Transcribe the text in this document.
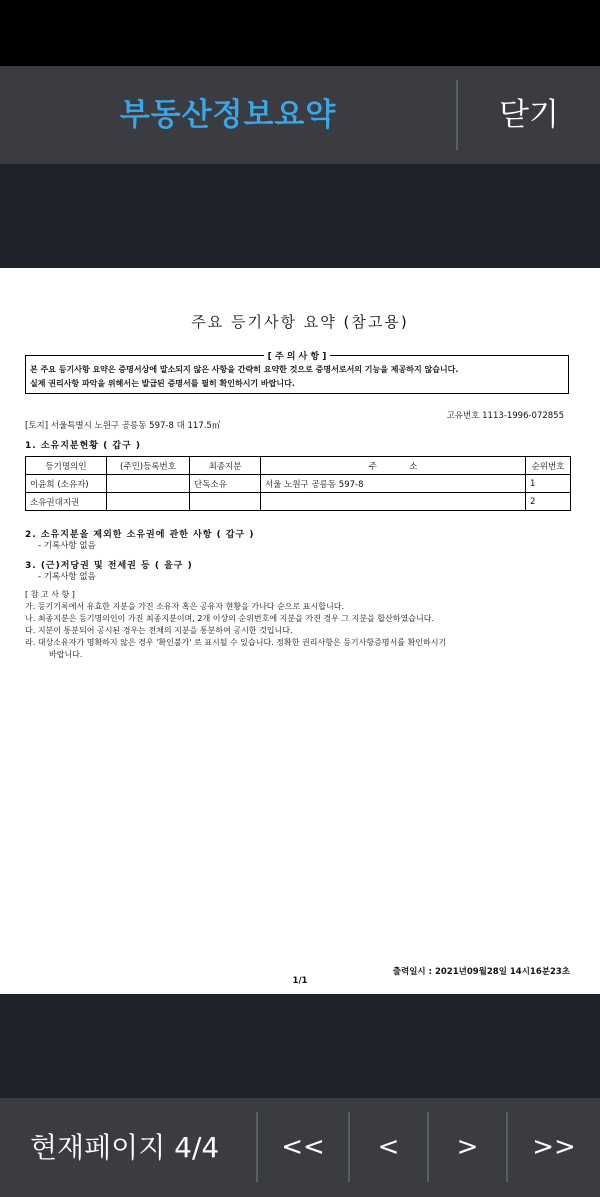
부동산정보요약	닫기
주요 등기사항 요약 (참고용)
[ 주 의 사 항 ]
본 주요 등기사항 요약은 증명서상에 말소되지 않은 사항을 간략히 요약한 것으로 증명서로서의 기능을 제공하지 않습니다.
실제 권리사항 파악을 위해서는 발급된 증명서를 필히 확인하시기 바랍니다.
고유번호 1113-1996-072855
[토지] 서울특별시 노원구 공릉동 597-8 대 117.5㎡
1. 소유지분현황 ( 갑구 )
등기명의인	(주민)등록번호	최종지분	주            소	순위번호
이윤희 (소유자)		단독소유	서울 노원구 공릉동 597-8	1
소유권대지권				2
2. 소유지분을 제외한 소유권에 관한 사항 ( 갑구 )
- 기록사항 없음
3. (근)저당권 및 전세권 등 ( 을구 )
- 기록사항 없음
[ 참 고 사 항 ]
가. 등기기록에서 유효한 지분을 가진 소유자 혹은 공유자 현황을 가나다 순으로 표시합니다.
나. 최종지분은 등기명의인이 가진 최종지분이며, 2개 이상의 순위번호에 지분을 가진 경우 그 지분을 합산하였습니다.
다. 지분이 통분되어 공시된 경우는 전체의 지분을 통분하여 공시한 것입니다.
라. 대상소유자가 명확하지 않은 경우 '확인불가' 로 표시될 수 있습니다. 정확한 권리사항은 등기사항증명서를 확인하시기
바랍니다.
출력일시 : 2021년09월28일 14시16분23초
1/1
현재페이지 4/4	<<	<	>	>>
